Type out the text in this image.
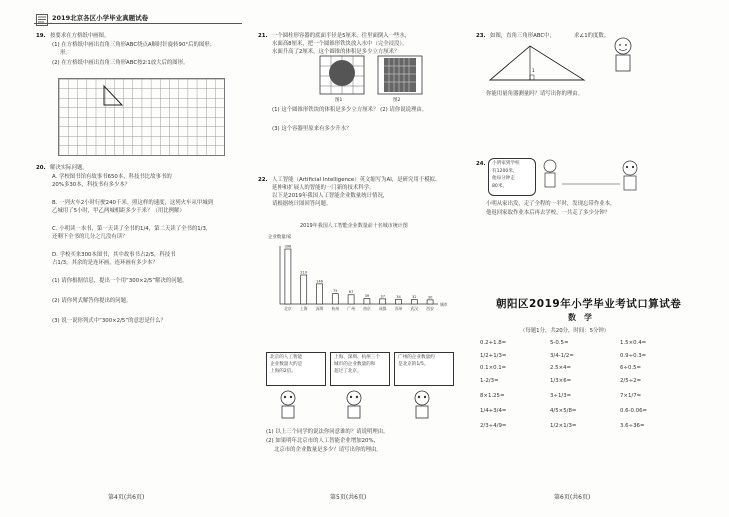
2019北京各区小学毕业真题试卷
19. 按要求在方格纸中画图。
(1) 在方格纸中画出直角三角形ABC绕点A顺时针旋转90°后的图形；
形。
(2) 在方格纸中画出直角三角形ABC按2∶1放大后的图形。
20. 解决实际问题。
A. 学校图书馆有故事书650本，科技书比故事书的
20%多30本，科技书有多少本？
B. 一列火车2小时行驶240千米。照这样的速度，这列火车从甲城到
乙城用了5小时，甲乙两城相距多少千米？（用比例解）
C. 小明读一本书，第一天读了全书的1/4，第二天读了全书的1/3，
还剩下全书的几分之几没有读？
D. 学校买来300本图书，其中故事书占2/5，科技书
占1/3，其余的是连环画，连环画有多少本？
(1) 请你根据信息，提出一个用“300×2/5”解决的问题。
(2) 请你列式解答你提出的问题。
(3) 说一说你列式中“300×2/5”的意思是什么？
第4页(共6页)
21. 一个圆柱形容器的底面半径是5厘米，往里面倒入一些水，
水面高8厘米，把一个圆锥形铁块放入水中（完全浸没），
水面升高了2厘米，这个圆锥的体积是多少立方厘米？
图1	图2
(1) 这个圆锥形铁块的体积是多少立方厘米？ (2) 请你说说理由。
(3) 这个容器里原来有多少升水？
22. 人工智能（Artificial Intelligence）英文缩写为AI，是研究用于模拟、
延伸和扩展人的智能的一门新的技术科学。
以下是2019年我国人工智能企业数量统计情况，
请根据统计图回答问题。
2019年我国人工智能企业数量前十名城市统计图
企业数量/家
398
北京
210
上海
146
深圳
75
杭州
67
广州
39
南京
37
成都
34
苏州
32
武汉
30
西安
城市
北京的人工智能
企业数量大约是
上海的2倍。
上海、深圳、杭州三个
城市的企业数量的和
超过了北京。
广州的企业数量约
是北京的1/5。
(1) 以上三个同学的说法你同意谁的？请说明理由。
(2) 如果明年北京市的人工智能企业增加20%，
北京市的企业数量是多少？请写出你的理由。
第5页(共6页)
23. 如图，直角三角形ABC中，	求∠1的度数。
1
你能用量角器测量吗？请写出你的理由。
24. 小明家到学校
有1200米，
他每分钟走
80米。
小明从家出发，走了全程的一半时，发现忘带作业本，
他返回家取作业本后再去学校，一共走了多少分钟？
朝阳区2019年小学毕业考试口算试卷
数　学
（每题1分，共20分，时间：5分钟）
0.2+1.8=	5-0.5=	1.5×0.4=
1/2+1/3=	3/4-1/2=	0.9÷0.3=
0.1×0.1=	2.5×4=	6÷0.5=
1-2/3=	1/3×6=	2/5÷2=
8×1.25=	3÷1/3=	7×1/7=
1/4+3/4=	4/5×5/8=	0.6-0.06=
2/3÷4/9=	1/2×1/3=	3.6÷36=
第6页(共6页)
